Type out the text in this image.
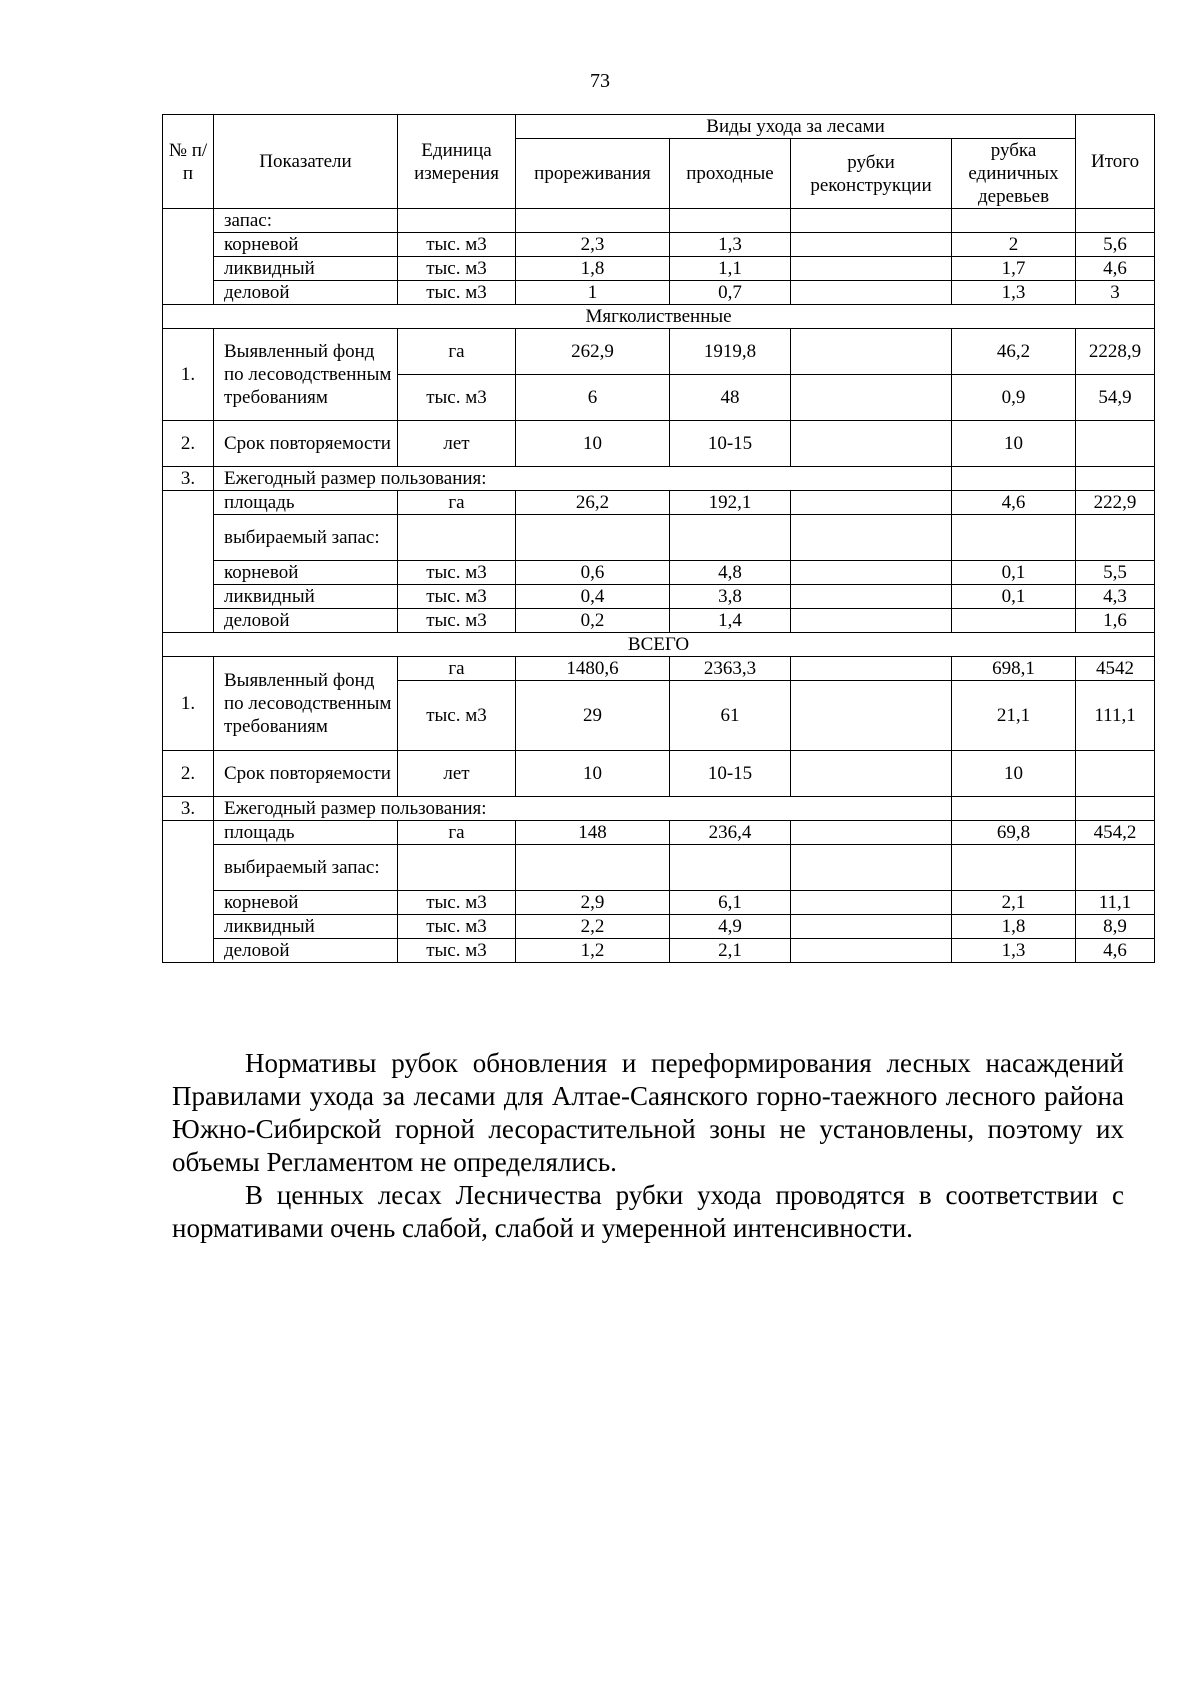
73
№ п/п	Показатели	Единица измерения	Виды ухода за лесами				Итого
			прореживания	проходные	рубки реконструкции	рубка единичных деревьев	
	запас:						
	корневой	тыс. м3	2,3	1,3		2	5,6
	ликвидный	тыс. м3	1,8	1,1		1,7	4,6
	деловой	тыс. м3	1	0,7		1,3	3
Мягколиственные							
1.	Выявленный фонд по лесоводственным требованиям	га	262,9	1919,8		46,2	2228,9
		тыс. м3	6	48		0,9	54,9
2.	Срок повторяемости	лет	10	10-15		10	
3.	Ежегодный размер пользования:						
	площадь	га	26,2	192,1		4,6	222,9
	выбираемый запас:						
	корневой	тыс. м3	0,6	4,8		0,1	5,5
	ликвидный	тыс. м3	0,4	3,8		0,1	4,3
	деловой	тыс. м3	0,2	1,4			1,6
ВСЕГО							
1.	Выявленный фонд по лесоводственным требованиям	га	1480,6	2363,3		698,1	4542
		тыс. м3	29	61		21,1	111,1
2.	Срок повторяемости	лет	10	10-15		10	
3.	Ежегодный размер пользования:						
	площадь	га	148	236,4		69,8	454,2
	выбираемый запас:						
	корневой	тыс. м3	2,9	6,1		2,1	11,1
	ликвидный	тыс. м3	2,2	4,9		1,8	8,9
	деловой	тыс. м3	1,2	2,1		1,3	4,6

Нормативы рубок обновления и переформирования лесных насаждений Правилами ухода за лесами для Алтае-Саянского горно-таежного лесного района Южно-Сибирской горной лесорастительной зоны не установлены, поэтому их объемы Регламентом не определялись.

В ценных лесах Лесничества рубки ухода проводятся в соответствии с нормативами очень слабой, слабой и умеренной интенсивности.
